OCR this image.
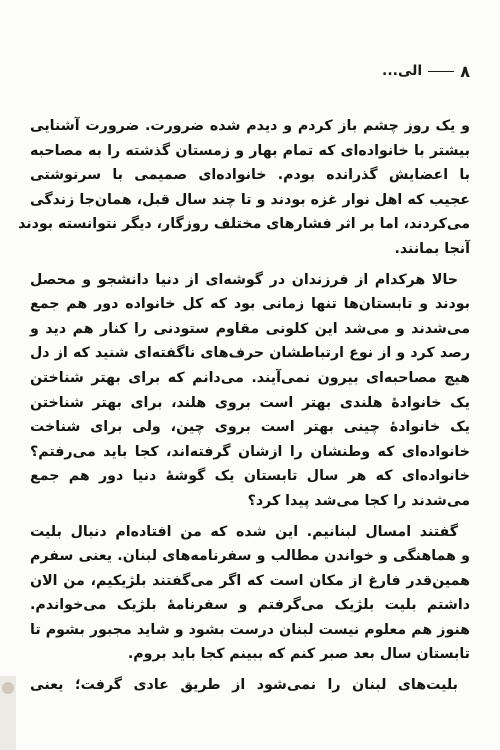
۸
الی...
و یک روز چشم باز کردم و دیدم شده ضرورت. ضرورت آشنایی
بیشتر با خانواده‌ای که تمام بهار و زمستان گذشته را به مصاحبه
با اعضایش گذرانده بودم. خانواده‌ای صمیمی با سرنوشتی
عجیب که اهل نوار غزه بودند و تا چند سال قبل، همان‌جا زندگی
می‌کردند، اما بر اثر فشارهای مختلف روزگار، دیگر نتوانسته بودند
آنجا بمانند.
حالا هرکدام از فرزندان در گوشه‌ای از دنیا دانشجو و محصل
بودند و تابستان‌ها تنها زمانی بود که کل خانواده دور هم جمع
می‌شدند و می‌شد این کلونی مقاوم ستودنی را کنار هم دید و
رصد کرد و از نوع ارتباطشان حرف‌های ناگفته‌ای شنید که از دل
هیچ مصاحبه‌ای بیرون نمی‌آیند. می‌دانم که برای بهتر شناختن
یک خانوادهٔ هلندی بهتر است بروی هلند، برای بهتر شناختن
یک خانوادهٔ چینی بهتر است بروی چین، ولی برای شناخت
خانواده‌ای که وطنشان را ازشان گرفته‌اند، کجا باید می‌رفتم؟
خانواده‌ای که هر سال تابستان یک گوشهٔ دنیا دور هم جمع
می‌شدند را کجا می‌شد پیدا کرد؟
گفتند امسال لبنانیم. این شده که من افتاده‌ام دنبال بلیت
و هماهنگی و خواندن مطالب و سفرنامه‌های لبنان. یعنی سفرم
همین‌قدر فارغ از مکان است که اگر می‌گفتند بلژیکیم، من الان
داشتم بلیت بلژیک می‌گرفتم و سفرنامهٔ بلژیک می‌خواندم.
هنوز هم معلوم نیست لبنان درست بشود و شاید مجبور بشوم تا
تابستان سال بعد صبر کنم که ببینم کجا باید بروم.
بلیت‌های لبنان را نمی‌شود از طریق عادی گرفت؛ یعنی
